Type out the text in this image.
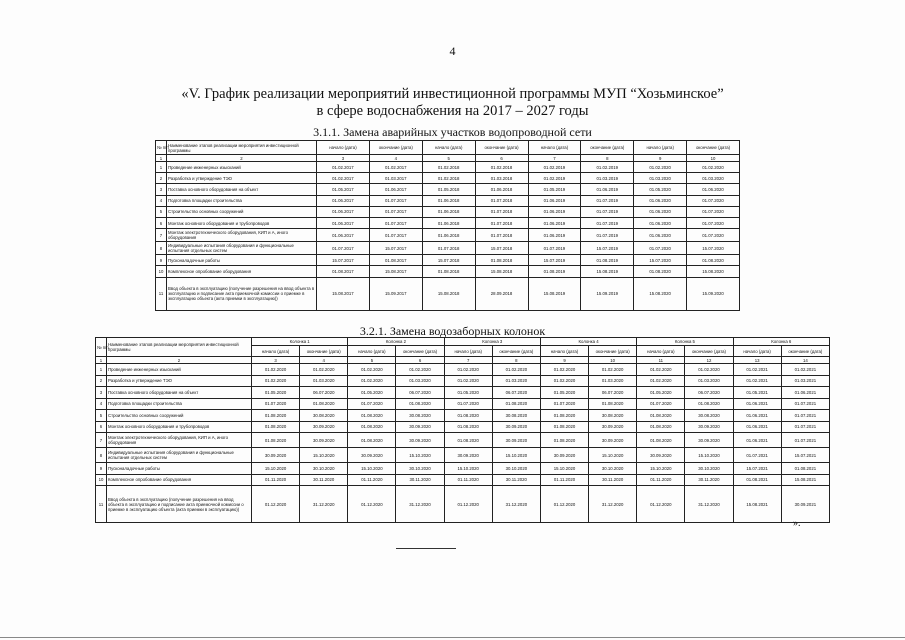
4
«V. График реализации мероприятий инвестиционной программы МУП “Хозьминское”
в сфере водоснабжения на 2017 – 2027 годы
3.1.1. Замена аварийных участков водопроводной сети
№ п/п	Наименование этапов реализации мероприятия инвестиционной программы	начало (дата)	окончание (дата)	начало (дата)	окончание (дата)	начало (дата)	окончание (дата)	начало (дата)	окончание (дата)
1	2	3	4	5	6	7	8	9	10
1	Проведение инженерных изысканий	01.02.2017	01.02.2017	01.02.2018	01.02.2018	01.02.2019	01.02.2019	01.02.2020	01.02.2020
2	Разработка и утверждение ТЭО	01.02.2017	01.03.2017	01.02.2018	01.03.2018	01.02.2019	01.03.2019	01.03.2020	01.03.2020
3	Поставка основного оборудования на объект	01.05.2017	01.06.2017	01.05.2018	01.06.2018	01.05.2019	01.06.2019	01.05.2020	01.06.2020
4	Подготовка площадки строительства	01.06.2017	01.07.2017	01.06.2018	01.07.2018	01.06.2019	01.07.2019	01.06.2020	01.07.2020
5	Строительство основных сооружений	01.06.2017	01.07.2017	01.06.2018	01.07.2018	01.06.2019	01.07.2019	01.06.2020	01.07.2020
6	Монтаж основного оборудования и трубопроводов	01.06.2017	01.07.2017	01.06.2018	01.07.2018	01.06.2019	01.07.2019	01.06.2020	01.07.2020
7	Монтаж электротехнического оборудования, КИП и А, иного оборудования	01.06.2017	01.07.2017	01.06.2018	01.07.2018	01.06.2019	01.07.2019	01.06.2020	01.07.2020
8	Индивидуальные испытания оборудования и функциональные испытания отдельных систем	01.07.2017	15.07.2017	01.07.2018	15.07.2018	01.07.2019	15.07.2019	01.07.2020	15.07.2020
9	Пусконаладочные работы	15.07.2017	01.08.2017	15.07.2018	01.08.2018	15.07.2019	01.08.2019	15.07.2020	01.08.2020
10	Комплексное опробование оборудования	01.08.2017	15.08.2017	01.08.2018	15.08.2018	01.08.2019	15.08.2019	01.08.2020	15.08.2020
11	Ввод объекта в эксплуатацию (получение разрешения на ввод объекта в эксплуатацию и подписание акта приемочной комиссии о приемке в эксплуатацию объекта (акта приемки в эксплуатацию))	15.08.2017	15.09.2017	15.08.2018	28.09.2018	15.08.2019	15.09.2019	15.08.2020	15.09.2020
3.2.1. Замена водозаборных колонок
№ п/п	Наименование этапов реализации мероприятия инвестиционной программы	Колонка 1		Колонка 2		Колонка 3		Колонка 4		Колонка 5		Колонка 6	
		начало (дата)	окончание (дата)	начало (дата)	окончание (дата)	начало (дата)	окончание (дата)	начало (дата)	окончание (дата)	начало (дата)	окончание (дата)	начало (дата)	окончание (дата)
1	2	3	4	5	6	7	8	9	10	11	12	13	14
1	Проведение инженерных изысканий	01.02.2020	01.02.2020	01.02.2020	01.02.2020	01.02.2020	01.02.2020	01.02.2020	01.02.2020	01.02.2020	01.02.2020	01.02.2021	01.02.2021
2	Разработка и утверждение ТЭО	01.02.2020	01.03.2020	01.02.2020	01.03.2020	01.02.2020	01.03.2020	01.02.2020	01.03.2020	01.02.2020	01.03.2020	01.02.2021	01.03.2021
3	Поставка основного оборудования на объект	01.05.2020	06.07.2020	01.05.2020	06.07.2020	01.05.2020	06.07.2020	01.05.2020	06.07.2020	01.05.2020	06.07.2020	01.05.2021	01.06.2021
4	Подготовка площадки строительства	01.07.2020	01.08.2020	01.07.2020	01.08.2020	01.07.2020	01.08.2020	01.07.2020	01.08.2020	01.07.2020	01.08.2020	01.06.2021	01.07.2021
5	Строительство основных сооружений	01.08.2020	30.08.2020	01.08.2020	30.08.2020	01.08.2020	30.08.2020	01.08.2020	30.08.2020	01.08.2020	30.08.2020	01.06.2021	01.07.2021
6	Монтаж основного оборудования и трубопроводов	01.08.2020	30.09.2020	01.08.2020	30.09.2020	01.08.2020	30.09.2020	01.08.2020	30.09.2020	01.08.2020	30.09.2020	01.06.2021	01.07.2021
7	Монтаж электротехнического оборудования, КИП и А, иного оборудования	01.08.2020	30.09.2020	01.08.2020	30.09.2020	01.08.2020	30.09.2020	01.08.2020	30.09.2020	01.08.2020	30.09.2020	01.06.2021	01.07.2021
8	Индивидуальные испытания оборудования и функциональные испытания отдельных систем	30.09.2020	15.10.2020	30.09.2020	15.10.2020	30.09.2020	15.10.2020	30.09.2020	15.10.2020	30.09.2020	15.10.2020	01.07.2021	15.07.2021
9	Пусконаладочные работы	15.10.2020	30.10.2020	15.10.2020	30.10.2020	15.10.2020	30.10.2020	15.10.2020	30.10.2020	15.10.2020	30.10.2020	15.07.2021	01.08.2021
10	Комплексное опробование оборудования	01.11.2020	30.11.2020	01.11.2020	30.11.2020	01.11.2020	30.11.2020	01.11.2020	30.11.2020	01.11.2020	30.11.2020	01.08.2021	15.08.2021
11	Ввод объекта в эксплуатацию (получение разрешения на ввод объекта в эксплуатацию и подписание акта приемочной комиссии о приемке в эксплуатацию объекта (акта приемки в эксплуатацию))	01.12.2020	31.12.2020	01.12.2020	31.12.2020	01.12.2020	31.12.2020	01.12.2020	31.12.2020	01.12.2020	31.12.2020	15.08.2021	30.09.2021
».
